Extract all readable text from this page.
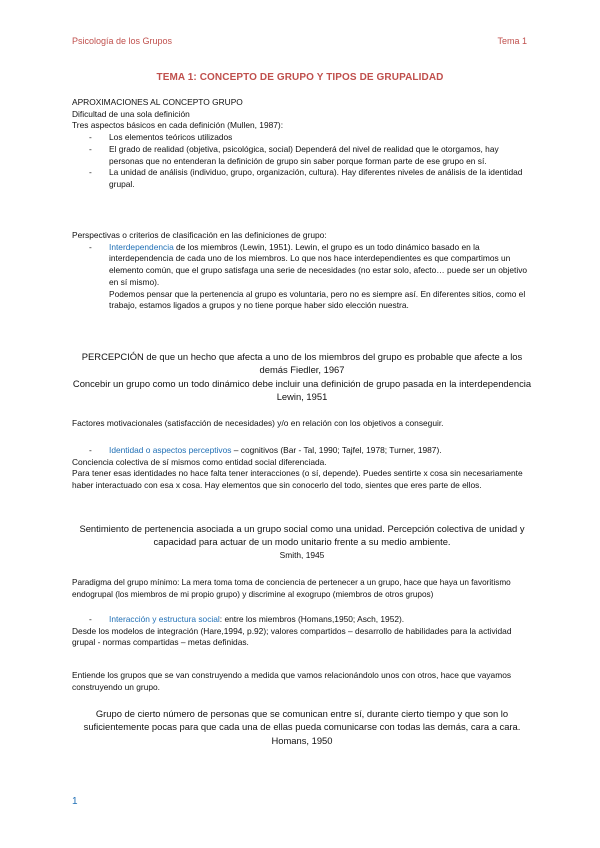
Psicología de los Grupos	Tema 1
TEMA 1: CONCEPTO DE GRUPO Y TIPOS DE GRUPALIDAD

APROXIMACIONES AL CONCEPTO GRUPO

Dificultad de una sola definición

Tres aspectos básicos en cada definición (Mullen, 1987):

- Los elementos teóricos utilizados
- El grado de realidad (objetiva, psicológica, social) Dependerá del nivel de realidad que le otorgamos, hay personas que no entenderan la definición de grupo sin saber porque forman parte de ese grupo en sí.
- La unidad de análisis (individuo, grupo, organización, cultura). Hay diferentes niveles de análisis de la identidad grupal.

Perspectivas o criterios de clasificación en las definiciones de grupo:

- Interdependencia de los miembros (Lewin, 1951). Lewin, el grupo es un todo dinámico basado en la interdependencia de cada uno de los miembros. Lo que nos hace interdependientes es que compartimos un elemento común, que el grupo satisfaga una serie de necesidades (no estar solo, afecto… puede ser un objetivo en sí mismo).

Podemos pensar que la pertenencia al grupo es voluntaria, pero no es siempre así. En diferentes sitios, como el trabajo, estamos ligados a grupos y no tiene porque haber sido elección nuestra.

PERCEPCIÓN de que un hecho que afecta a uno de los miembros del grupo es probable que afecte a los demás Fiedler, 1967

Concebir un grupo como un todo dinámico debe incluir una definición de grupo pasada en la interdependencia Lewin, 1951

Factores motivacionales (satisfacción de necesidades) y/o en relación con los objetivos a conseguir.
- Identidad o aspectos perceptivos – cognitivos (Bar - Tal, 1990; Tajfel, 1978; Turner, 1987).

Conciencia colectiva de sí mismos como entidad social diferenciada.

Para tener esas identidades no hace falta tener interacciones (o sí, depende). Puedes sentirte x cosa sin necesariamente haber interactuado con esa x cosa. Hay elementos que sin conocerlo del todo, sientes que eres parte de ellos.

Sentimiento de pertenencia asociada a un grupo social como una unidad. Percepción colectiva de unidad y capacidad para actuar de un modo unitario frente a su medio ambiente.

Smith, 1945

Paradigma del grupo mínimo: La mera toma toma de conciencia de pertenecer a un grupo, hace que haya un favoritismo endogrupal (los miembros de mi propio grupo) y discrimine al exogrupo (miembros de otros grupos)
- Interacción y estructura social: entre los miembros (Homans,1950; Asch, 1952).

Desde los modelos de integración (Hare,1994, p.92); valores compartidos – desarrollo de habilidades para la actividad grupal - normas compartidas – metas definidas.

Entiende los grupos que se van construyendo a medida que vamos relacionándolo unos con otros, hace que vayamos construyendo un grupo.
Grupo de cierto número de personas que se comunican entre sí, durante cierto tiempo y que son lo suficientemente pocas para que cada una de ellas pueda comunicarse con todas las demás, cara a cara. Homans, 1950
1
